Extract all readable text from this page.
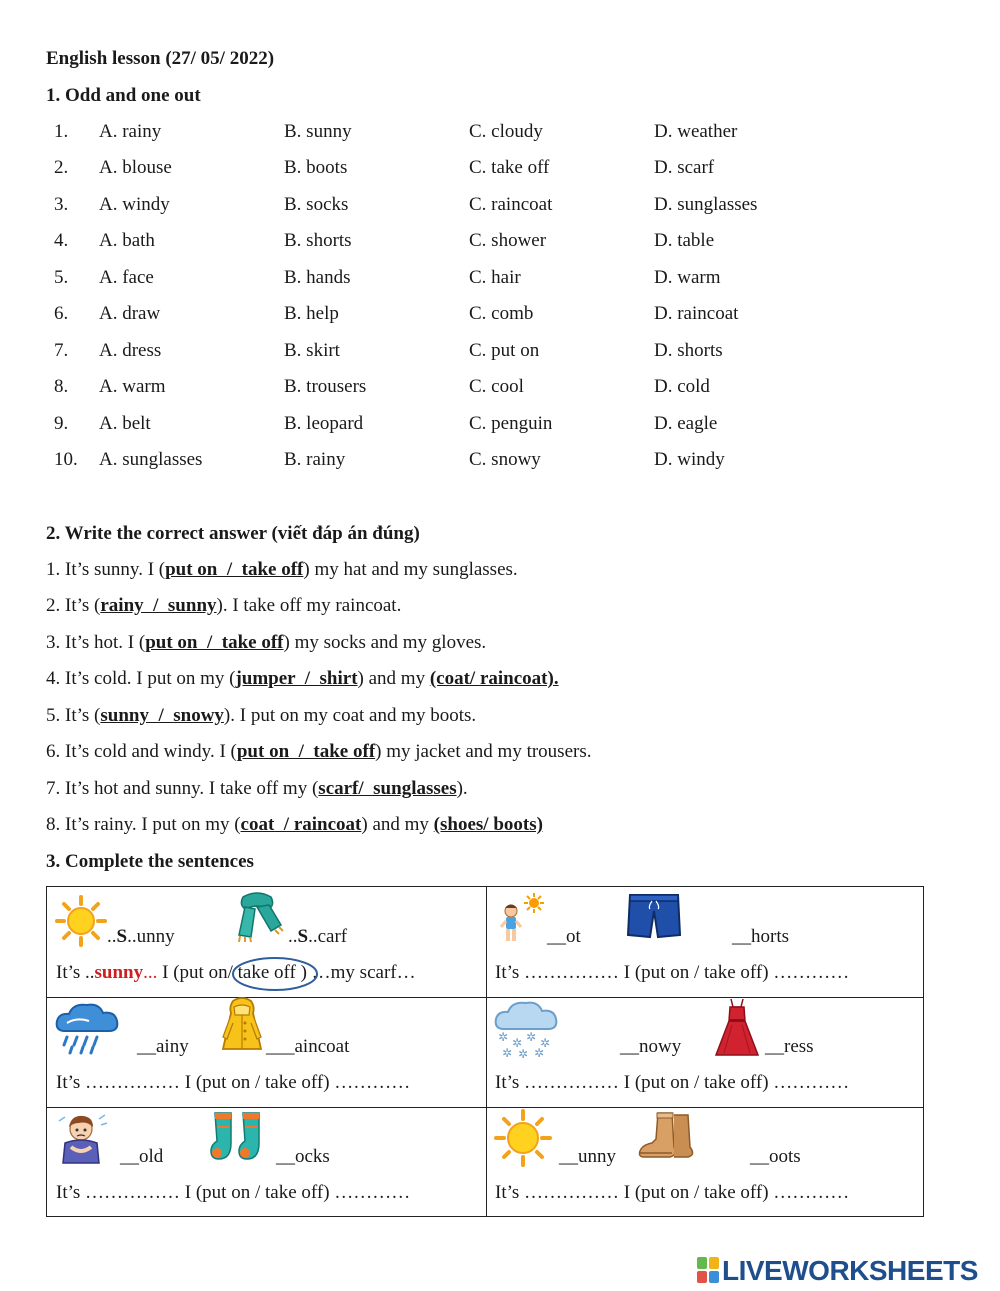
English lesson (27/ 05/ 2022)
1. Odd and one out
1. A. rainy	B. sunny	C. cloudy	D. weather
2. A. blouse	B. boots	C. take off	D. scarf
3. A. windy	B. socks	C. raincoat	D. sunglasses
4. A. bath	B. shorts	C. shower	D. table
5. A. face	B. hands	C. hair	D. warm
6. A. draw	B. help	C. comb	D. raincoat
7. A. dress	B. skirt	C. put on	D. shorts
8. A. warm	B. trousers	C. cool	D. cold
9. A. belt	B. leopard	C. penguin	D. eagle
10. A. sunglasses	B. rainy	C. snowy	D. windy
2. Write the correct answer (viết đáp án đúng)
1. It’s sunny. I (put on  /  take off) my hat and my sunglasses.
2. It’s (rainy  /  sunny). I take off my raincoat.
3. It’s hot. I (put on  /  take off) my socks and my gloves.
4. It’s cold. I put on my (jumper  /  shirt) and my (coat/ raincoat).
5. It’s (sunny  /  snowy). I put on my coat and my boots.
6. It’s cold and windy. I (put on  /  take off) my jacket and my trousers.
7. It’s hot and sunny. I take off my (scarf/  sunglasses).
8. It’s rainy. I put on my (coat  / raincoat) and my (shoes/ boots)
3. Complete the sentences
..S..unny	..S..carf
It’s ..sunny... I (put on/ take off
) …my scarf…
__ot	__horts
It’s …………… I (put on / take off) …………
__ainy	___aincoat
It’s …………… I (put on / take off) …………
✲ ✲ ✲ ✲
✲ ✲ ✲	__nowy	__ress
It’s …………… I (put on / take off) …………
__old	__ocks
It’s …………… I (put on / take off) …………
__unny	__oots
It’s …………… I (put on / take off) …………
LIVEWORKSHEETS
